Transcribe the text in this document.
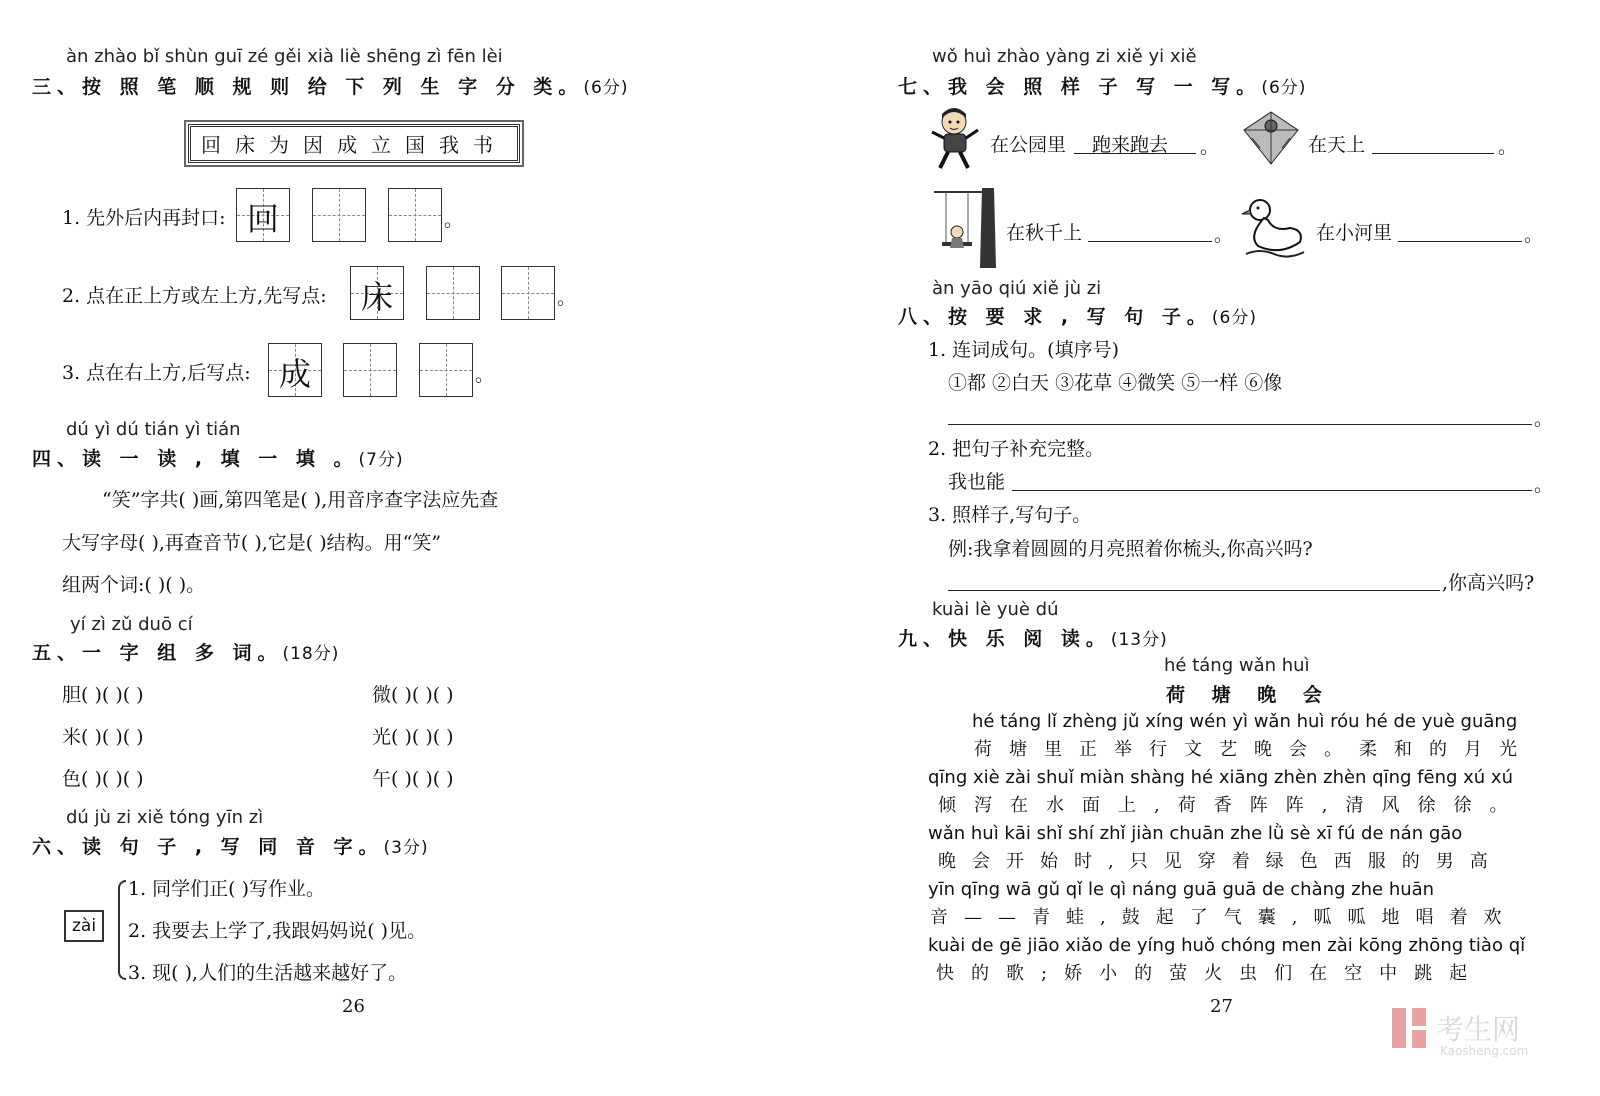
àn zhào bǐ shùn guī zé gěi xià liè shēng zì fēn lèi
三、按 照 笔 顺 规 则 给 下 列 生 字 分 类。(6分)
回床为因成立国我书
1. 先外后内再封口: 回	。
2. 点在正上方或左上方,先写点:	床	。
3. 点在右上方,后写点: 成	。
dú yì dú tián yì tián
四、读 一 读 , 填 一 填 。(7分)
“笑”字共( )画,第四笔是( ),用音序查字法应先查
大写字母( ),再查音节( ),它是( )结构。用“笑”
组两个词:( )( )。
yí zì zǔ duō cí
五、一 字 组 多 词。(18分)
胆( )( )( )	微( )( )( )
米( )( )( )	光( )( )( )
色( )( )( )	午( )( )( )
dú jù zi xiě tóng yīn zì
六、读 句 子 , 写 同 音 字。(3分)
zài
1. 同学们正( )写作业。
2. 我要去上学了,我跟妈妈说( )见。
3. 现( ),人们的生活越来越好了。
26
wǒ huì zhào yàng zi xiě yi xiě
七、我 会 照 样 子 写 一 写。(6分)
在公园里 跑来跑去 。	在天上	。
在秋千上	。	在小河里	。
àn yāo qiú xiě jù zi
八、按 要 求 , 写 句 子。(6分)
1. 连词成句。(填序号)
①都 ②白天 ③花草 ④微笑 ⑤一样 ⑥像
。
2. 把句子补充完整。
我也能	。
3. 照样子,写句子。
例:我拿着圆圆的月亮照着你梳头,你高兴吗?
,你高兴吗?
kuài lè yuè dú
九、快 乐 阅 读。(13分)
hé táng wǎn huì
荷 塘 晚 会
hé táng lǐ zhèng jǔ xíng wén yì wǎn huì róu hé de yuè guāng
荷塘里正举行文艺晚会。柔和的月光
qīng xiè zài shuǐ miàn shàng hé xiāng zhèn zhèn qīng fēng xú xú
倾泻在水面上,荷香阵阵,清风徐徐。
wǎn huì kāi shǐ shí zhǐ jiàn chuān zhe lǜ sè xī fú de nán gāo
晚会开始时,只见穿着绿色西服的男高
yīn qīng wā gǔ qǐ le qì náng guā guā de chàng zhe huān
音——青蛙,鼓起了气囊,呱呱地唱着欢
kuài de gē jiāo xiǎo de yíng huǒ chóng men zài kōng zhōng tiào qǐ
快的歌;娇小的萤火虫们在空中跳起
27
考生网
Kaosheng.com
